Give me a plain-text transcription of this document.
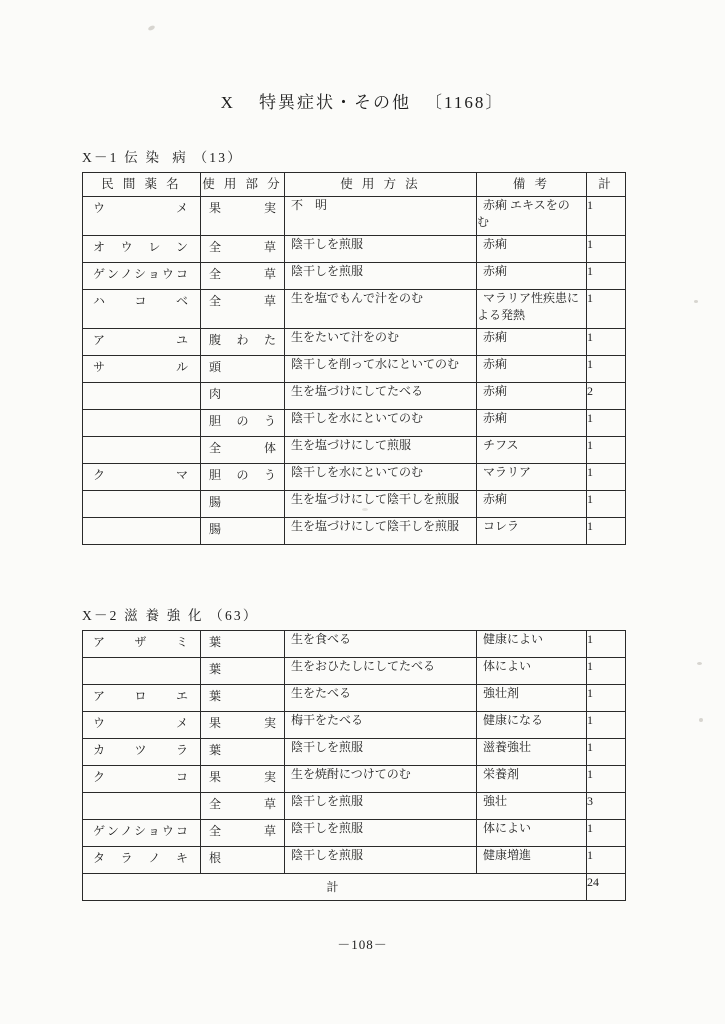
X 特異症状・その他 〔1168〕
X－1 伝 染  病 （13）
民 間 薬 名	使 用 部 分	使 用 方 法	備 考	計

ウ　　メ	果　実	不　明	赤痢 エキスをのむ	1

オ ウ レ ン	全　草	陰干しを煎服	赤痢	1

ゲンノショウコ	全　草	陰干しを煎服	赤痢	1

ハ　コ　ベ	全　草	生を塩でもんで汁をのむ	マラリア性疾患による発熱	1

ア　　ユ	腹 わ た	生をたいて汁をのむ	赤痢	1

サ　　ル	頭	陰干しを削って水にといてのむ	赤痢	1

	肉	生を塩づけにしてたべる	赤痢	2

	胆 の う	陰干しを水にといてのむ	赤痢	1

	全　体	生を塩づけにして煎服	チフス	1

ク　　マ	胆 の う	陰干しを水にといてのむ	マラリア	1

	腸	生を塩づけにして陰干しを煎服	赤痢	1

	腸	生を塩づけにして陰干しを煎服	コレラ	1
X－2 滋 養 強 化 （63）
ア　ザ　ミ	葉	生を食べる	健康によい	1

	葉	生をおひたしにしてたべる	体によい	1

ア　ロ　エ	葉	生をたべる	強壮剤	1

ウ　　メ	果　実	梅干をたべる	健康になる	1

カ ツ ラ	葉	陰干しを煎服	滋養強壮	1

ク　　コ	果　実	生を焼酎につけてのむ	栄養剤	1

	全　草	陰干しを煎服	強壮	3

ゲンノショウコ	全　草	陰干しを煎服	体によい	1

タ ラ ノ キ	根	陰干しを煎服	健康増進	1
計				24
－108－
